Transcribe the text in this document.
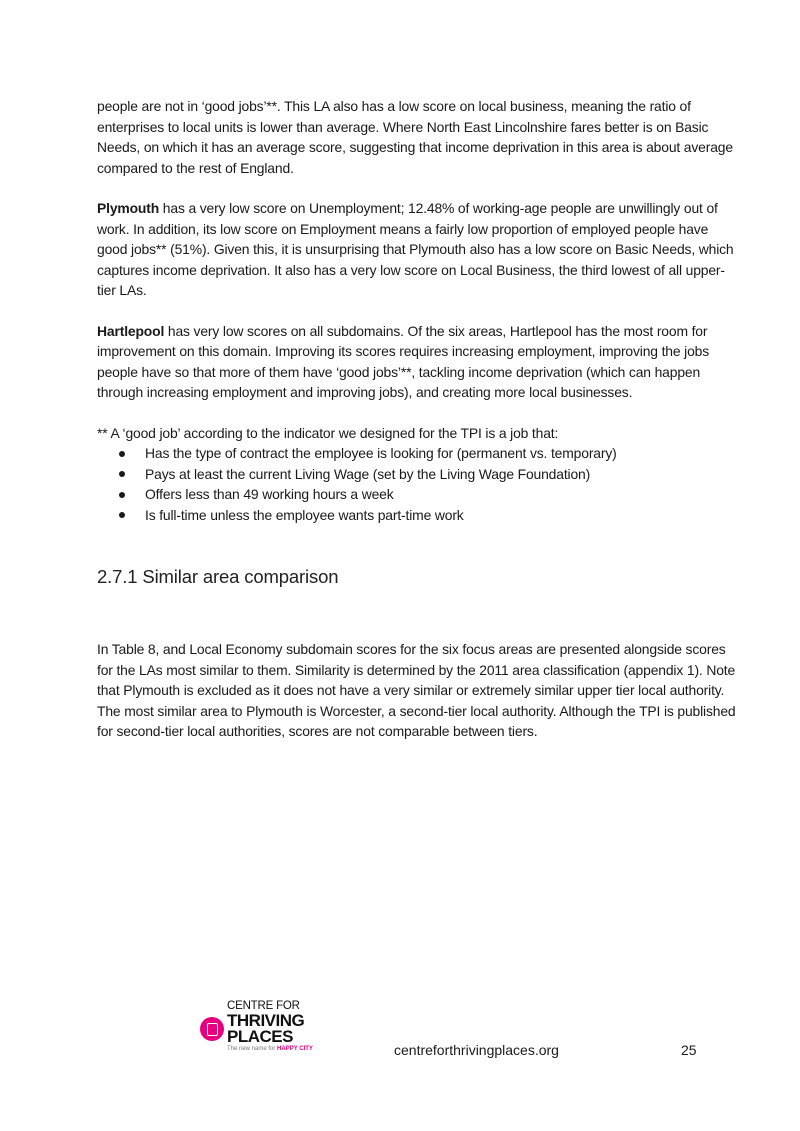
people are not in ‘good jobs’**. This LA also has a low score on local business, meaning the ratio of enterprises to local units is lower than average. Where North East Lincolnshire fares better is on Basic Needs, on which it has an average score, suggesting that income deprivation in this area is about average compared to the rest of England.

Plymouth has a very low score on Unemployment; 12.48% of working-age people are unwillingly out of work. In addition, its low score on Employment means a fairly low proportion of employed people have good jobs** (51%). Given this, it is unsurprising that Plymouth also has a low score on Basic Needs, which captures income deprivation. It also has a very low score on Local Business, the third lowest of all upper-tier LAs.

Hartlepool has very low scores on all subdomains. Of the six areas, Hartlepool has the most room for improvement on this domain. Improving its scores requires increasing employment, improving the jobs people have so that more of them have ‘good jobs’**, tackling income deprivation (which can happen through increasing employment and improving jobs), and creating more local businesses.

** A ‘good job’ according to the indicator we designed for the TPI is a job that:

Has the type of contract the employee is looking for (permanent vs. temporary)
Pays at least the current Living Wage (set by the Living Wage Foundation)
Offers less than 49 working hours a week
Is full-time unless the employee wants part-time work
2.7.1 Similar area comparison

In Table 8, and Local Economy subdomain scores for the six focus areas are presented alongside scores for the LAs most similar to them. Similarity is determined by the 2011 area classification (appendix 1). Note that Plymouth is excluded as it does not have a very similar or extremely similar upper tier local authority. The most similar area to Plymouth is Worcester, a second-tier local authority. Although the TPI is published for second-tier local authorities, scores are not comparable between tiers.

CENTRE FOR
THRIVING
PLACES
The new name for HAPPY CITY	centreforthrivingplaces.org	25
